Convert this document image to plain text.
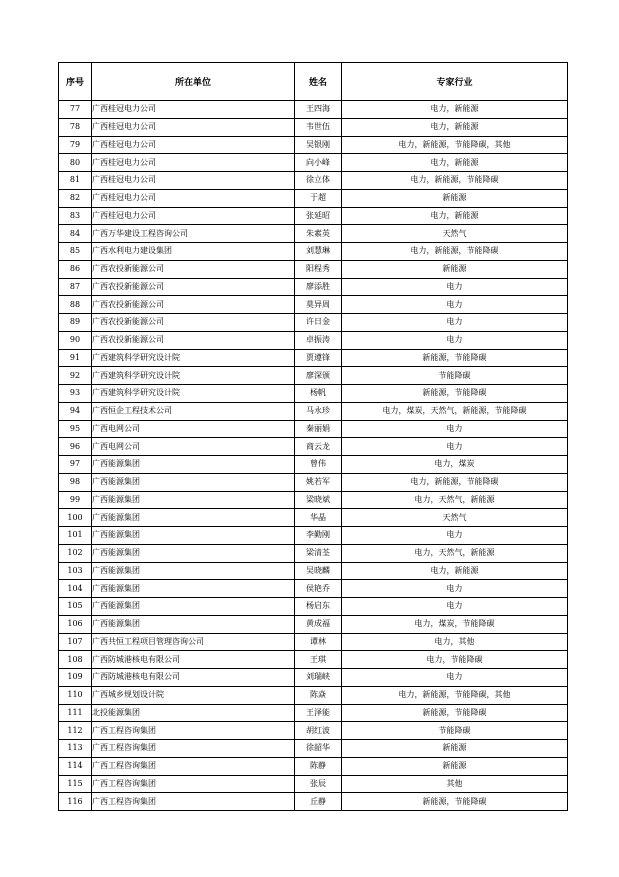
序号	所在单位	姓名	专家行业
77	广西桂冠电力公司	王四海	电力，新能源
78	广西桂冠电力公司	韦世伍	电力，新能源
79	广西桂冠电力公司	吴银刚	电力，新能源，节能降碳，其他
80	广西桂冠电力公司	向小峰	电力，新能源
81	广西桂冠电力公司	徐立体	电力，新能源，节能降碳
82	广西桂冠电力公司	于超	新能源
83	广西桂冠电力公司	张延昭	电力，新能源
84	广西万华建设工程咨询公司	朱素英	天然气
85	广西水利电力建设集团	刘慧琳	电力，新能源，节能降碳
86	广西农投新能源公司	阳程秀	新能源
87	广西农投新能源公司	廖添胜	电力
88	广西农投新能源公司	莫异周	电力
89	广西农投新能源公司	许日金	电力
90	广西农投新能源公司	卓振涛	电力
91	广西建筑科学研究设计院	贾遵锋	新能源，节能降碳
92	广西建筑科学研究设计院	廖深颁	节能降碳
93	广西建筑科学研究设计院	杨帆	新能源，节能降碳
94	广西恒企工程技术公司	马永珍	电力，煤炭，天然气，新能源，节能降碳
95	广西电网公司	秦丽娟	电力
96	广西电网公司	商云龙	电力
97	广西能源集团	曾伟	电力，煤炭
98	广西能源集团	姚若军	电力，新能源，节能降碳
99	广西能源集团	梁晓斌	电力，天然气，新能源
100	广西能源集团	华晶	天然气
101	广西能源集团	李勤刚	电力
102	广西能源集团	梁清荃	电力，天然气，新能源
103	广西能源集团	吴晓麟	电力，新能源
104	广西能源集团	侯艳乔	电力
105	广西能源集团	杨启东	电力
106	广西能源集团	黄成福	电力，煤炭，节能降碳
107	广西共恒工程项目管理咨询公司	谭林	电力，其他
108	广西防城港核电有限公司	王琪	电力，节能降碳
109	广西防城港核电有限公司	刘瑞峡	电力
110	广西城乡规划设计院	陈焱	电力，新能源，节能降碳，其他
111	北投能源集团	王泽能	新能源，节能降碳
112	广西工程咨询集团	胡红波	节能降碳
113	广西工程咨询集团	徐韶华	新能源
114	广西工程咨询集团	陈静	新能源
115	广西工程咨询集团	张辰	其他
116	广西工程咨询集团	丘静	新能源，节能降碳
